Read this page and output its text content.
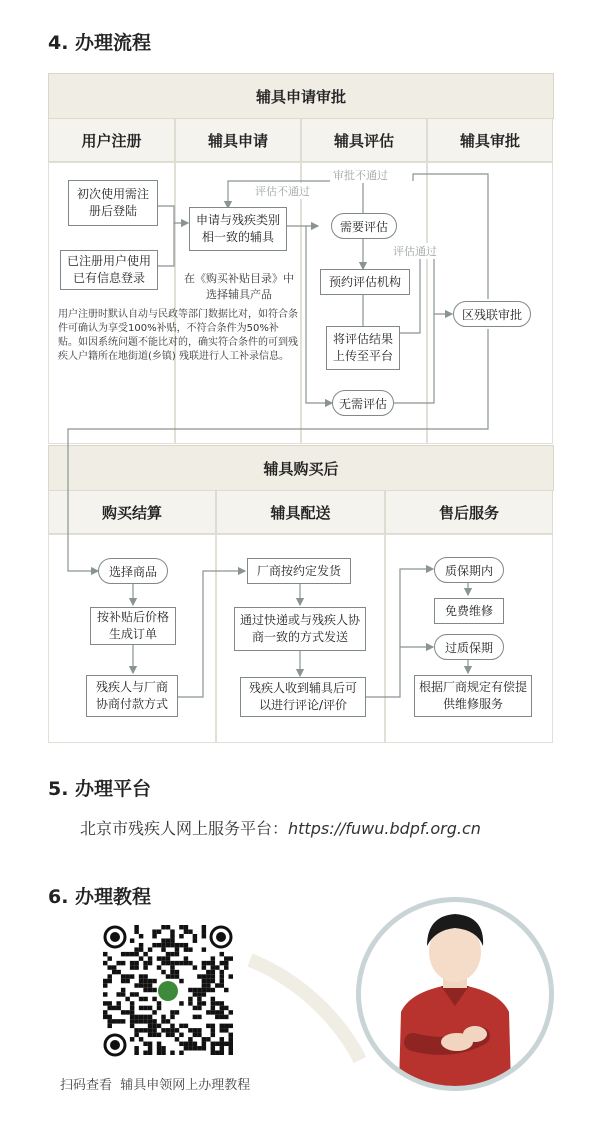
4. 办理流程
辅具申请审批
用户注册	辅具申请	辅具评估	辅具审批
辅具购买后
购买结算	辅具配送	售后服务
初次使用需注册后登陆
已注册用户使用已有信息登录
申请与残疾类别相一致的辅具
在《购买补贴目录》中选择辅具产品
需要评估
预约评估机构
将评估结果上传至平台
无需评估
区残联审批
审批不通过
评估不通过
评估通过
用户注册时默认自动与民政等部门数据比对，如符合条件可确认为享受100%补贴，不符合条件为50%补贴。如因系统问题不能比对的，确实符合条件的可到残疾人户籍所在地街道(乡镇) 残联进行人工补录信息。
选择商品
按补贴后价格生成订单
残疾人与厂商协商付款方式
厂商按约定发货
通过快递或与残疾人协商一致的方式发送
残疾人收到辅具后可以进行评论/评价
质保期内
免费维修
过质保期
根据厂商规定有偿提供维修服务
5. 办理平台
北京市残疾人网上服务平台：https://fuwu.bdpf.org.cn
6. 办理教程
扫码查看 辅具申领网上办理教程
